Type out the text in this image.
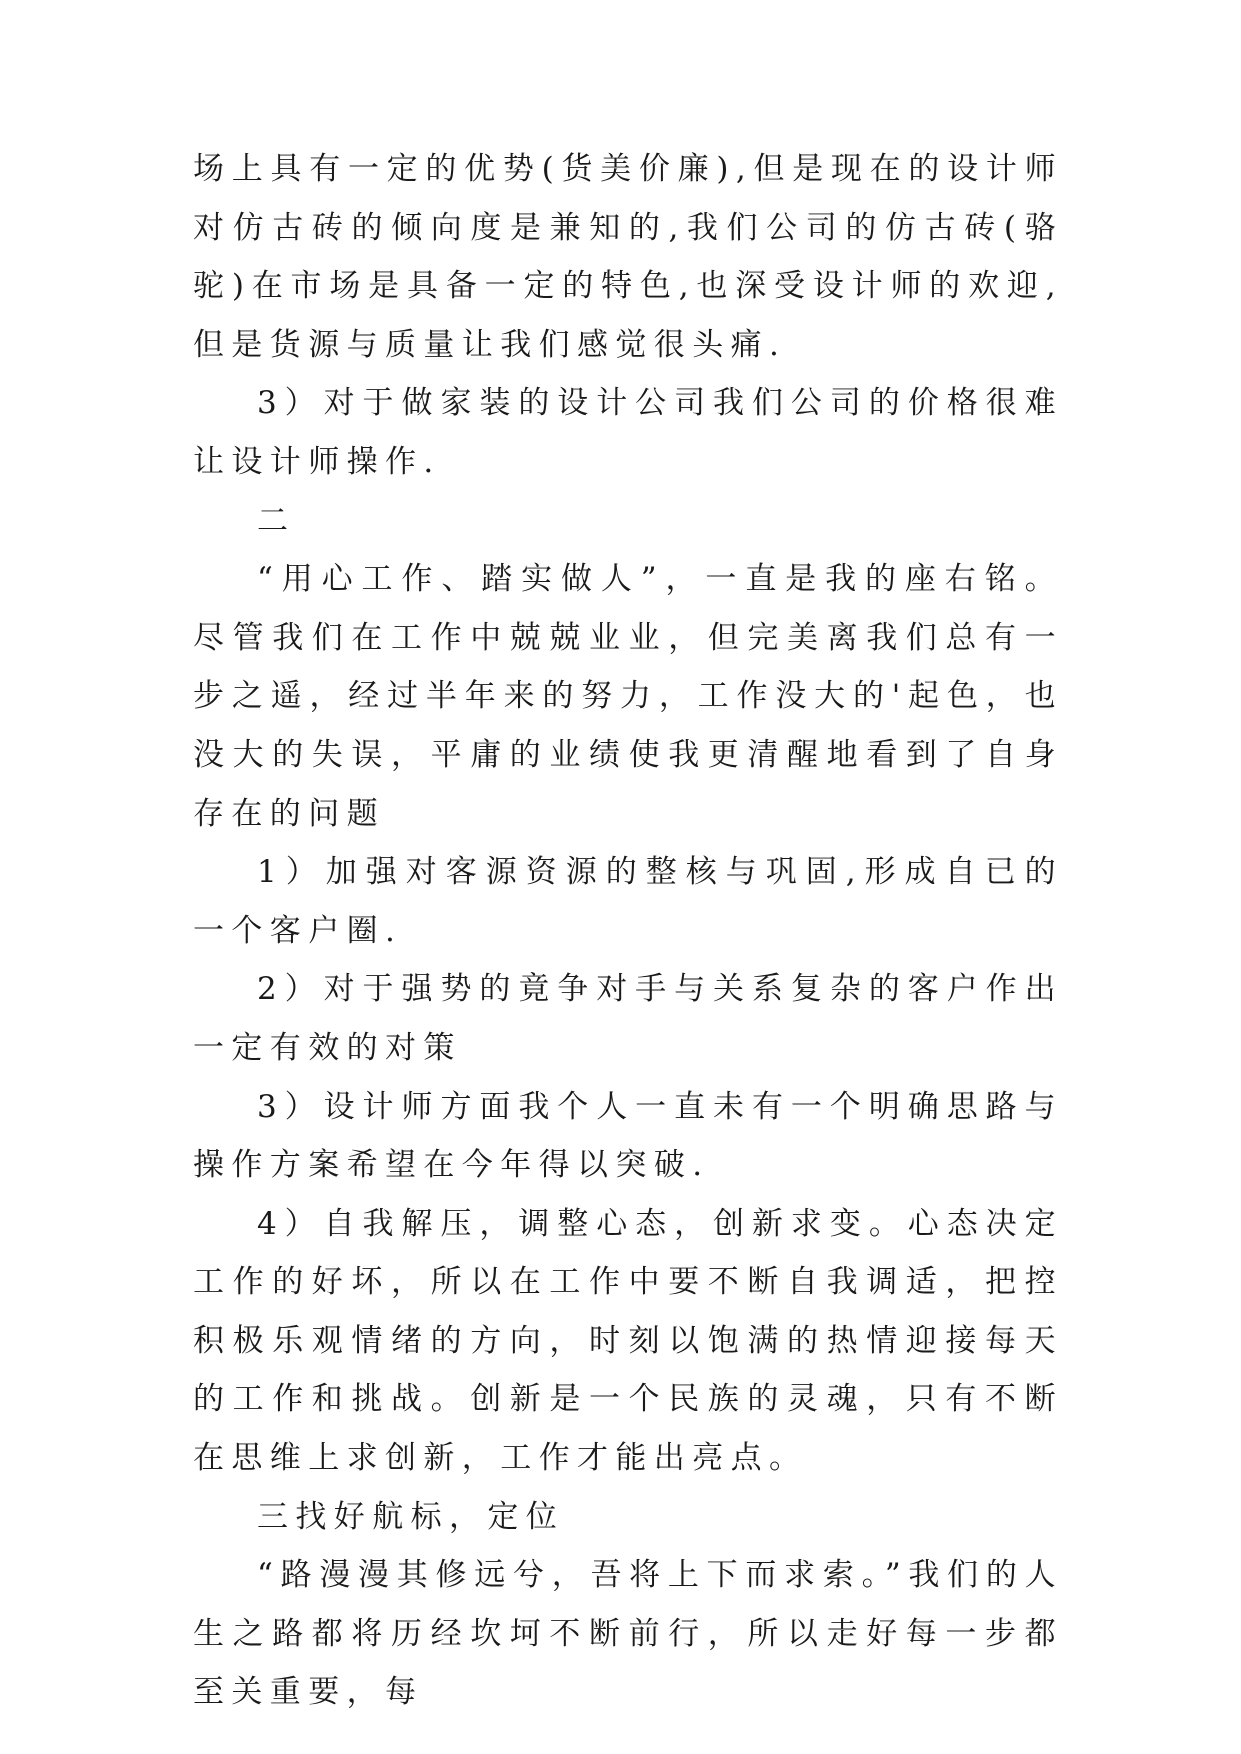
场上具有一定的优势(货美价廉),但是现在的设计师对仿古砖的倾向度是兼知的,我们公司的仿古砖(骆驼)在市场是具备一定的特色,也深受设计师的欢迎,但是货源与质量让我们感觉很头痛.

3）对于做家装的设计公司我们公司的价格很难让设计师操作.

二

“用心工作、踏实做人”，一直是我的座右铭。尽管我们在工作中兢兢业业，但完美离我们总有一步之遥，经过半年来的努力，工作没大的'起色，也没大的失误，平庸的业绩使我更清醒地看到了自身存在的问题

1）加强对客源资源的整核与巩固,形成自已的一个客户圈.

2）对于强势的竟争对手与关系复杂的客户作出一定有效的对策

3）设计师方面我个人一直未有一个明确思路与操作方案希望在今年得以突破.

4）自我解压，调整心态，创新求变。心态决定工作的好坏，所以在工作中要不断自我调适，把控积极乐观情绪的方向，时刻以饱满的热情迎接每天的工作和挑战。创新是一个民族的灵魂，只有不断在思维上求创新，工作才能出亮点。

三找好航标，定位

“路漫漫其修远兮，吾将上下而求索。”我们的人生之路都将历经坎坷不断前行，所以走好每一步都至关重要，每
